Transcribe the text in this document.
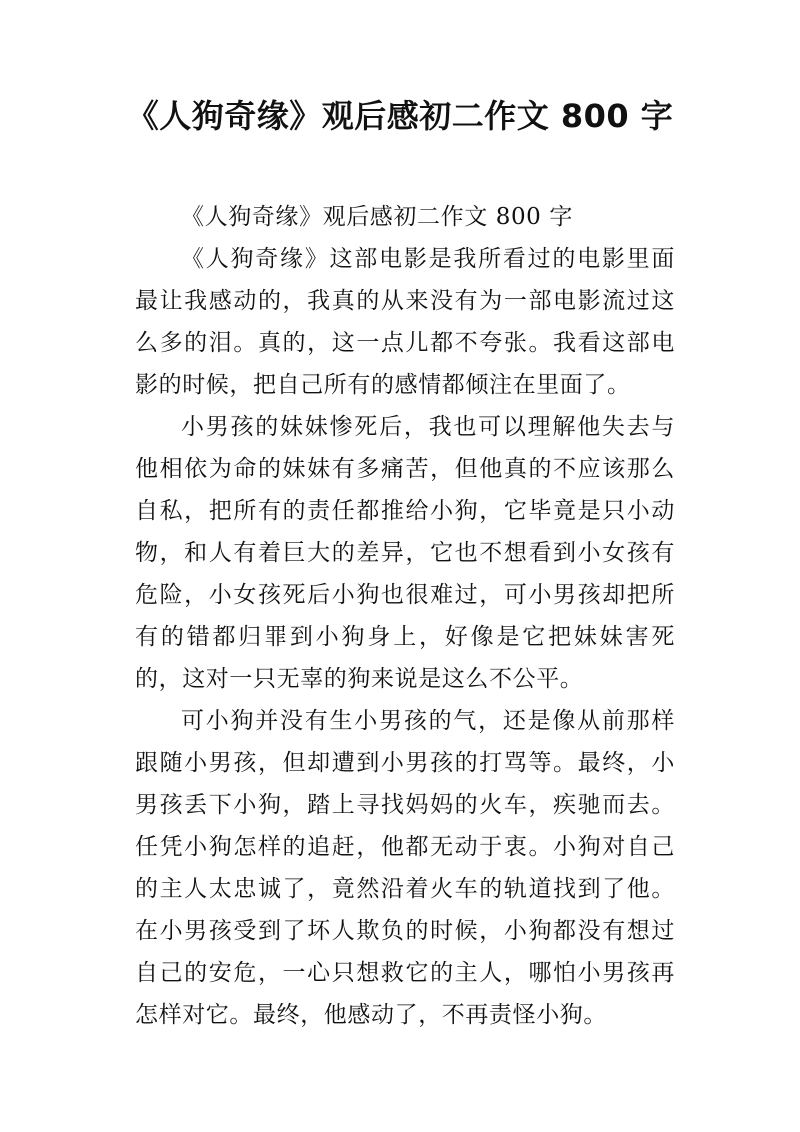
《人狗奇缘》观后感初二作文 800 字

《人狗奇缘》观后感初二作文 800 字

《人狗奇缘》这部电影是我所看过的电影里面最让我感动的，我真的从来没有为一部电影流过这么多的泪。真的，这一点儿都不夸张。我看这部电影的时候，把自己所有的感情都倾注在里面了。

小男孩的妹妹惨死后，我也可以理解他失去与他相依为命的妹妹有多痛苦，但他真的不应该那么自私，把所有的责任都推给小狗，它毕竟是只小动物，和人有着巨大的差异，它也不想看到小女孩有危险，小女孩死后小狗也很难过，可小男孩却把所有的错都归罪到小狗身上，好像是它把妹妹害死的，这对一只无辜的狗来说是这么不公平。

可小狗并没有生小男孩的气，还是像从前那样跟随小男孩，但却遭到小男孩的打骂等。最终，小男孩丢下小狗，踏上寻找妈妈的火车，疾驰而去。任凭小狗怎样的追赶，他都无动于衷。小狗对自己的主人太忠诚了，竟然沿着火车的轨道找到了他。在小男孩受到了坏人欺负的时候，小狗都没有想过自己的安危，一心只想救它的主人，哪怕小男孩再怎样对它。最终，他感动了，不再责怪小狗。
